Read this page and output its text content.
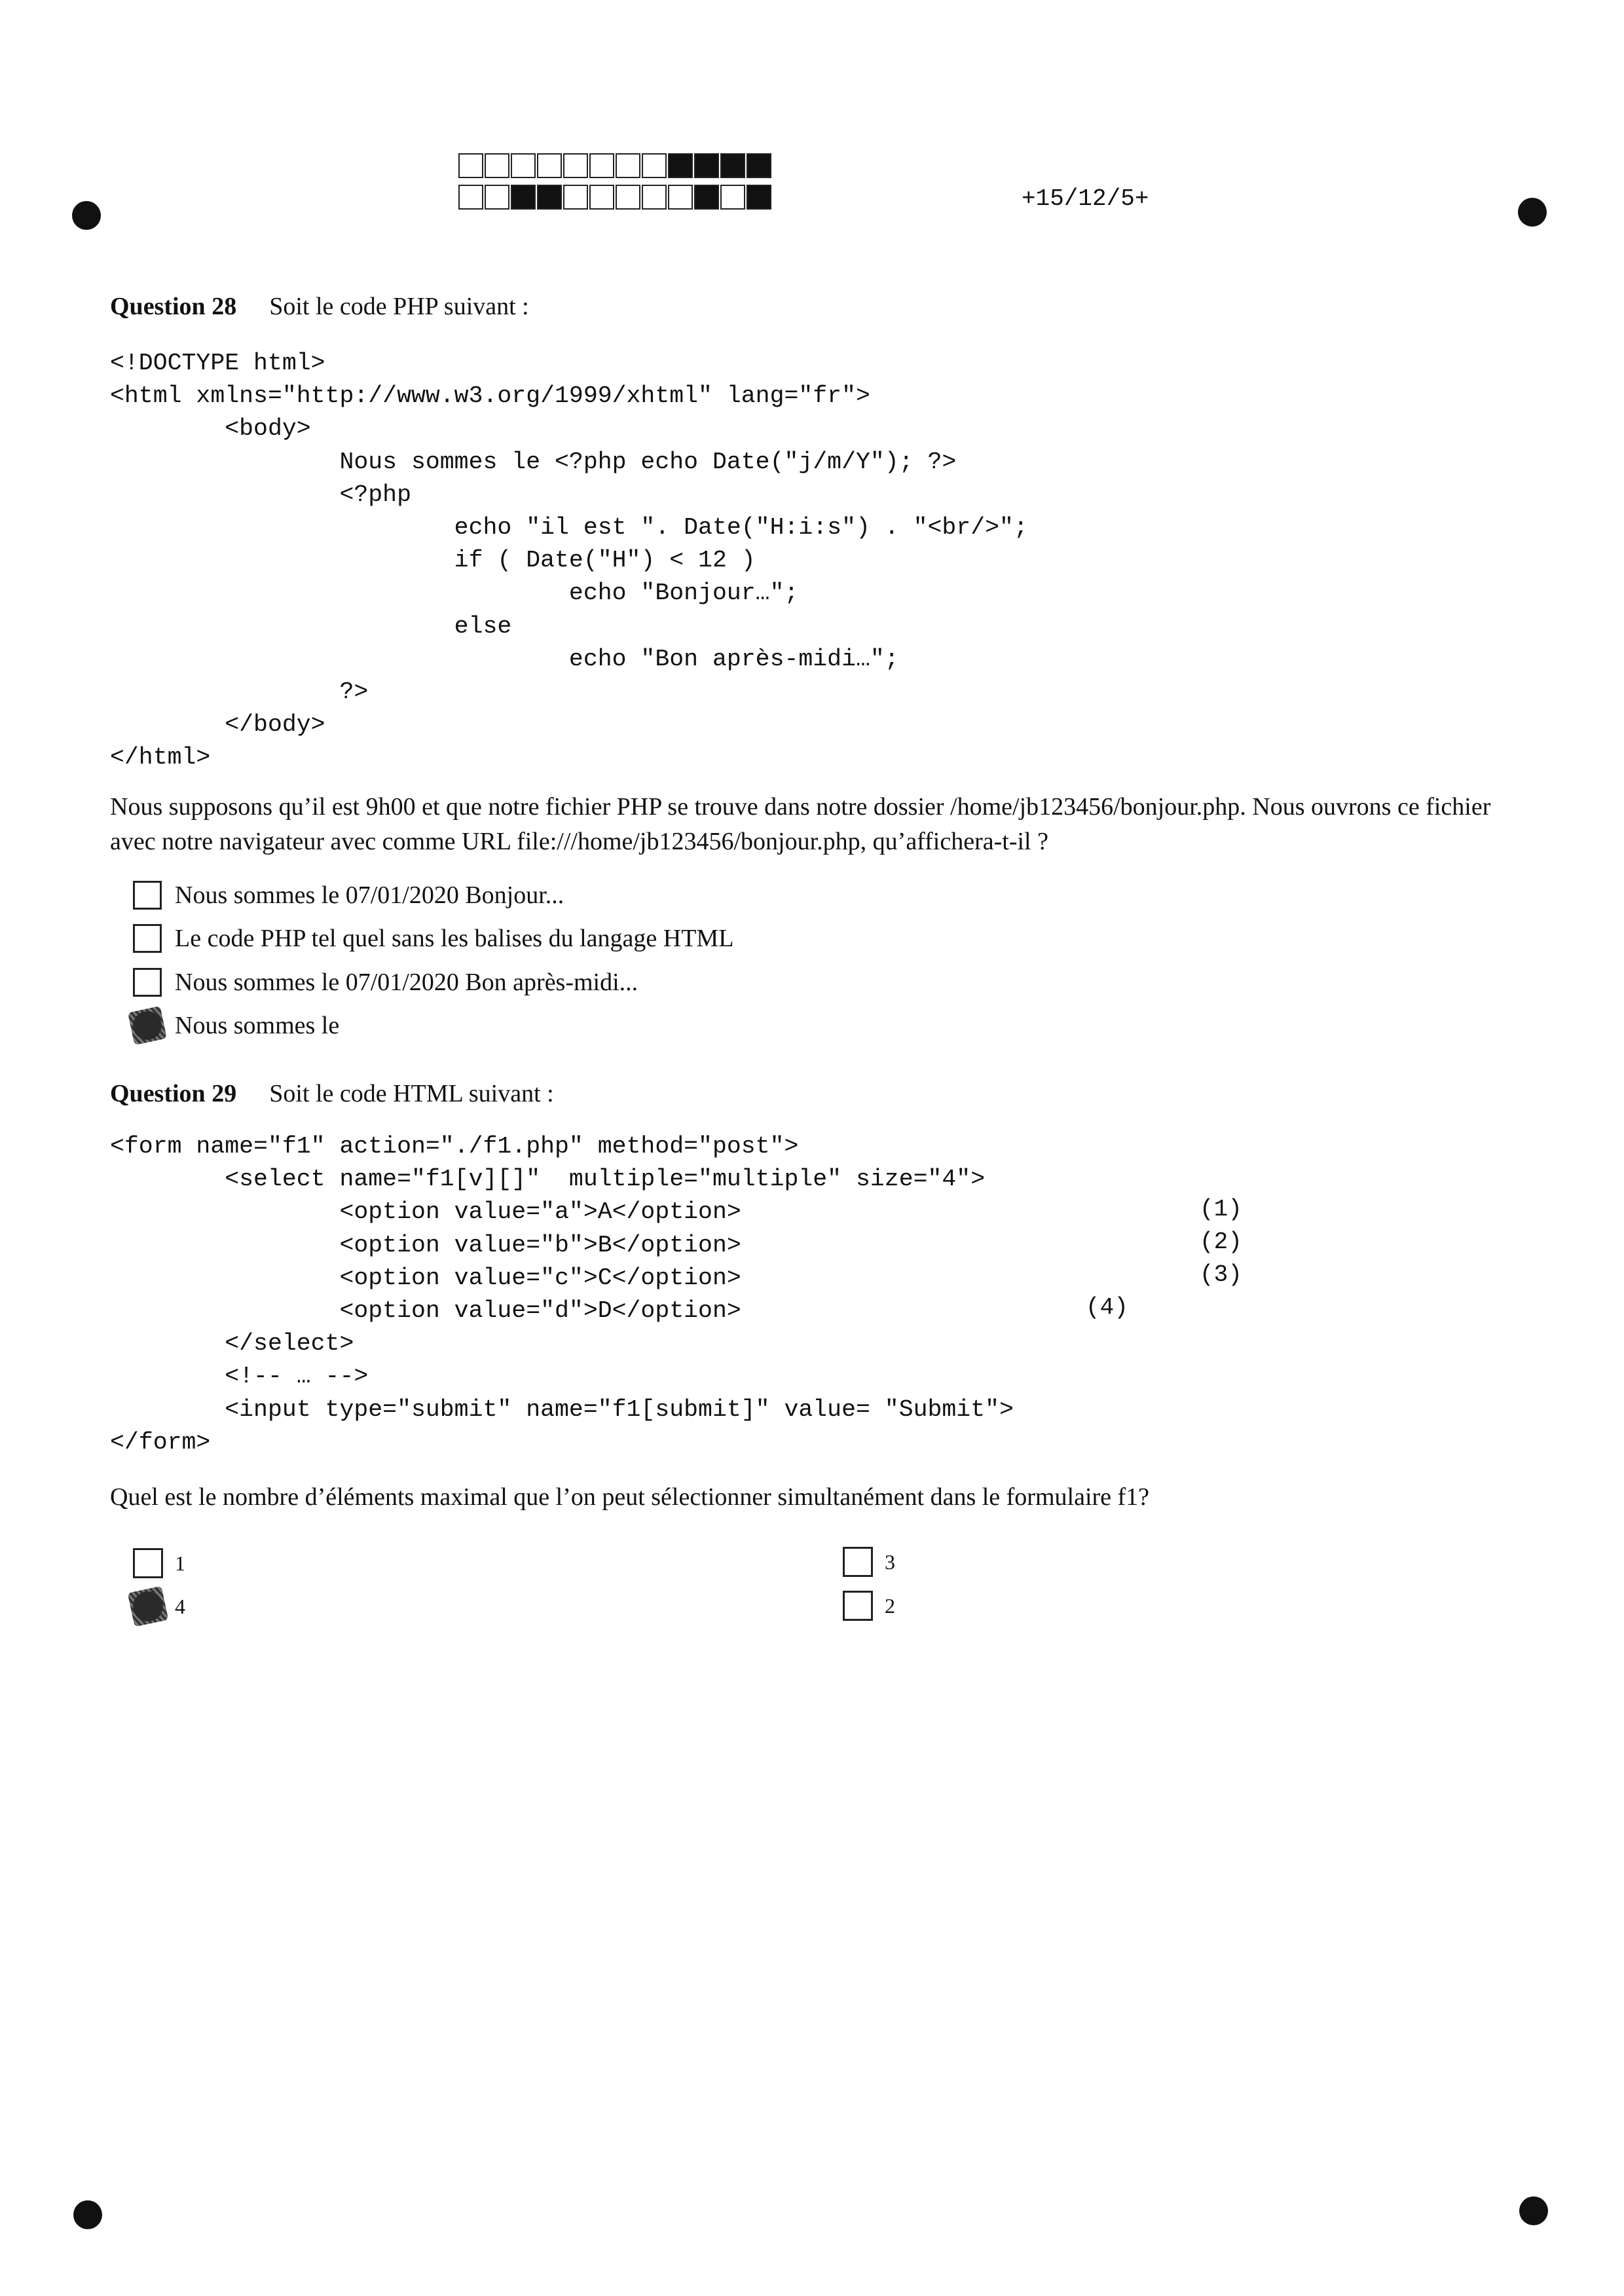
+15/12/5+
Question 28 Soit le code PHP suivant :
<!DOCTYPE html>
<html xmlns="http://www.w3.org/1999/xhtml" lang="fr">
<body>
Nous sommes le <?php echo Date("j/m/Y"); ?>
<?php
echo "il est ". Date("H:i:s") . "<br/>";
if ( Date("H") < 12 )
echo "Bonjour…";
else
echo "Bon après-midi…";
?>
</body>
</html>
Nous supposons qu’il est 9h00 et que notre fichier PHP se trouve dans notre dossier /home/jb123456/bonjour.php. Nous ouvrons ce fichier avec notre navigateur avec comme URL file:///home/jb123456/bonjour.php, qu’affichera-t-il ?
Nous sommes le 07/01/2020 Bonjour...
Le code PHP tel quel sans les balises du langage HTML
Nous sommes le 07/01/2020 Bon après-midi...
Nous sommes le
Question 29 Soit le code HTML suivant :
<form name="f1" action="./f1.php" method="post">
<select name="f1[v][]"  multiple="multiple" size="4">
<option value="a">A</option>
<option value="b">B</option>
<option value="c">C</option>
<option value="d">D</option>
</select>
<!-- … -->
<input type="submit" name="f1[submit]" value= "Submit">
</form>
(1)
(2)
(3)
(4)
Quel est le nombre d’éléments maximal que l’on peut sélectionner simultanément dans le formulaire f1?
1
4
3
2
